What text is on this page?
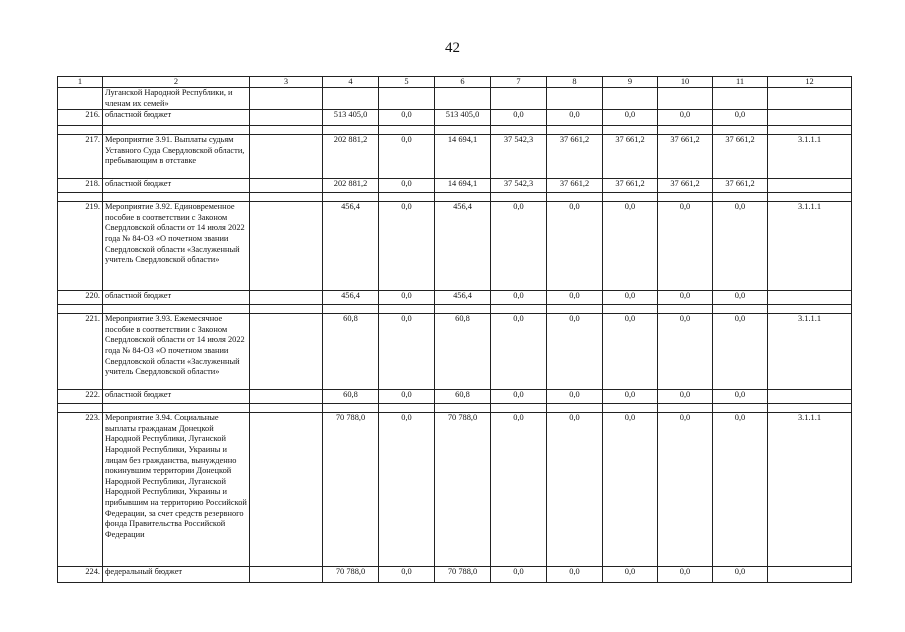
42
1	2	3	4	5	6	7	8	9	10	11	12
	Луганской Народной Республики, и членам их семей»										
216.	областной бюджет		513 405,0	0,0	513 405,0	0,0	0,0	0,0	0,0	0,0	

217.	Мероприятие 3.91. Выплаты судьям Уставного Суда Свердловской области, пребывающим в отставке		202 881,2	0,0	14 694,1	37 542,3	37 661,2	37 661,2	37 661,2	37 661,2	3.1.1.1
218.	областной бюджет		202 881,2	0,0	14 694,1	37 542,3	37 661,2	37 661,2	37 661,2	37 661,2	

219.	Мероприятие 3.92. Единовременное пособие в соответствии с Законом Свердловской области от 14 июля 2022 года № 84-ОЗ «О почетном звании Свердловской области «Заслуженный учитель Свердловской области»		456,4	0,0	456,4	0,0	0,0	0,0	0,0	0,0	3.1.1.1
220.	областной бюджет		456,4	0,0	456,4	0,0	0,0	0,0	0,0	0,0	

221.	Мероприятие 3.93. Ежемесячное пособие в соответствии с Законом Свердловской области от 14 июля 2022 года № 84-ОЗ «О почетном звании Свердловской области «Заслуженный учитель Свердловской области»		60,8	0,0	60,8	0,0	0,0	0,0	0,0	0,0	3.1.1.1
222.	областной бюджет		60,8	0,0	60,8	0,0	0,0	0,0	0,0	0,0	

223.	Мероприятие 3.94. Социальные выплаты гражданам Донецкой Народной Республики, Луганской Народной Республики, Украины и лицам без гражданства, вынужденно покинувшим территории Донецкой Народной Республики, Луганской Народной Республики, Украины и прибывшим на территорию Российской Федерации, за счет средств резервного фонда Правительства Российской Федерации		70 788,0	0,0	70 788,0	0,0	0,0	0,0	0,0	0,0	3.1.1.1
224.	федеральный бюджет		70 788,0	0,0	70 788,0	0,0	0,0	0,0	0,0	0,0	
